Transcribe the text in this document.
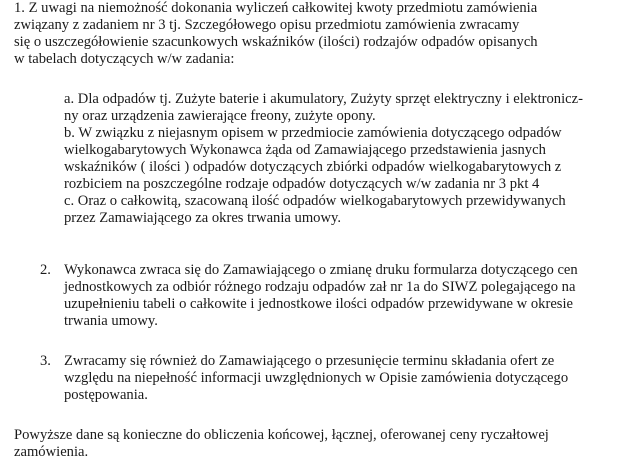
1. Z uwagi na niemożność dokonania wyliczeń całkowitej kwoty przedmiotu zamówienia
związany z zadaniem nr 3 tj. Szczegółowego opisu przedmiotu zamówienia zwracamy
się o uszczegółowienie szacunkowych wskaźników (ilości) rodzajów odpadów opisanych
w tabelach dotyczących w/w zadania:
a. Dla odpadów tj. Zużyte baterie i akumulatory, Zużyty sprzęt elektryczny i elektronicz-
ny oraz urządzenia zawierające freony, zużyte opony.
b. W związku z niejasnym opisem w przedmiocie zamówienia dotyczącego odpadów
wielkogabarytowych Wykonawca żąda od Zamawiającego przedstawienia jasnych
wskaźników ( ilości ) odpadów dotyczących zbiórki odpadów wielkogabarytowych z
rozbiciem na poszczególne rodzaje odpadów dotyczących w/w zadania nr 3 pkt 4
c. Oraz o całkowitą, szacowaną ilość odpadów wielkogabarytowych przewidywanych
przez Zamawiającego za okres trwania umowy.
2. Wykonawca zwraca się do Zamawiającego o zmianę druku formularza dotyczącego cen
jednostkowych za odbiór różnego rodzaju odpadów zał nr 1a do SIWZ polegającego na
uzupełnieniu tabeli o całkowite i jednostkowe ilości odpadów przewidywane w okresie
trwania umowy.
3. Zwracamy się również do Zamawiającego o przesunięcie terminu składania ofert ze
względu na niepełność informacji uwzględnionych w Opisie zamówienia dotyczącego
postępowania.
Powyższe dane są konieczne do obliczenia końcowej, łącznej, oferowanej ceny ryczałtowej
zamówienia.
